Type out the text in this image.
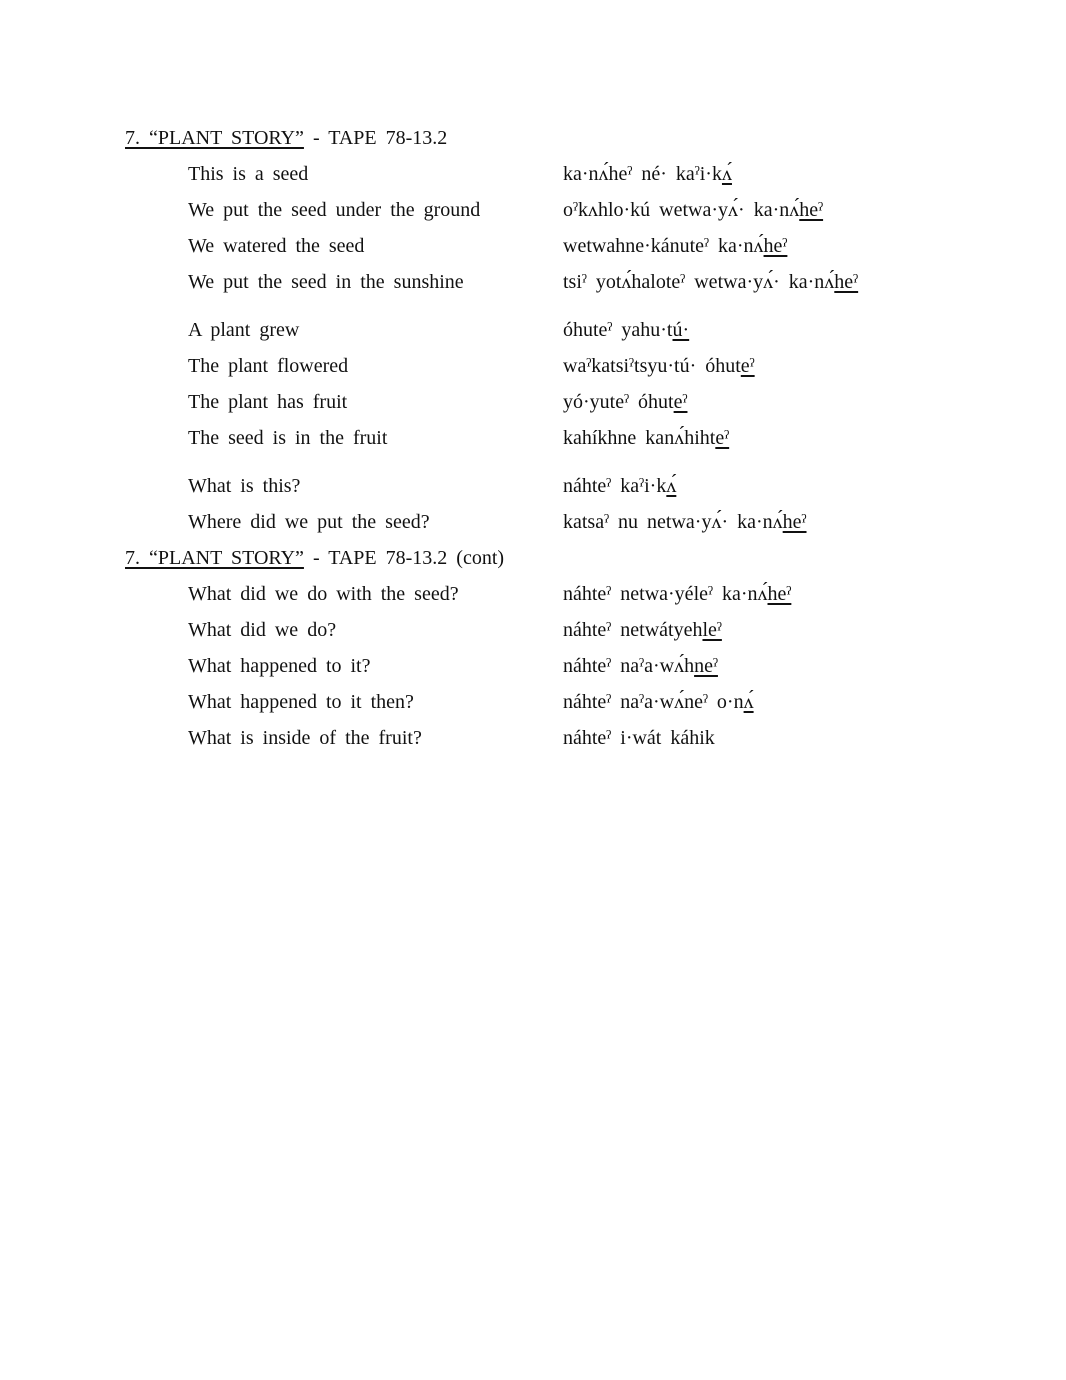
7. “PLANT STORY” - TAPE 78-13.2
This is a seed	ka·nʌ́heˀ né· kaˀi·kʌ́
We put the seed under the ground	oˀkʌhlo·kú wetwa·yʌ́· ka·nʌ́heˀ
We watered the seed	wetwahne·kánuteˀ ka·nʌ́heˀ
We put the seed in the sunshine	tsiˀ yotʌ́haloteˀ wetwa·yʌ́· ka·nʌ́heˀ
A plant grew	óhuteˀ yahu·tú·
The plant flowered	waˀkatsiˀtsyu·tú· óhuteˀ
The plant has fruit	yó·yuteˀ óhuteˀ
The seed is in the fruit	kahíkhne kanʌ́hihteˀ
What is this?	náhteˀ kaˀi·kʌ́
Where did we put the seed?	katsaˀ nu netwa·yʌ́· ka·nʌ́heˀ
7. “PLANT STORY” - TAPE 78-13.2 (cont)
What did we do with the seed?	náhteˀ netwa·yéleˀ ka·nʌ́heˀ
What did we do?	náhteˀ netwátyehleˀ
What happened to it?	náhteˀ naˀa·wʌ́hneˀ
What happened to it then?	náhteˀ naˀa·wʌ́neˀ o·nʌ́
What is inside of the fruit?	náhteˀ i·wát káhik
